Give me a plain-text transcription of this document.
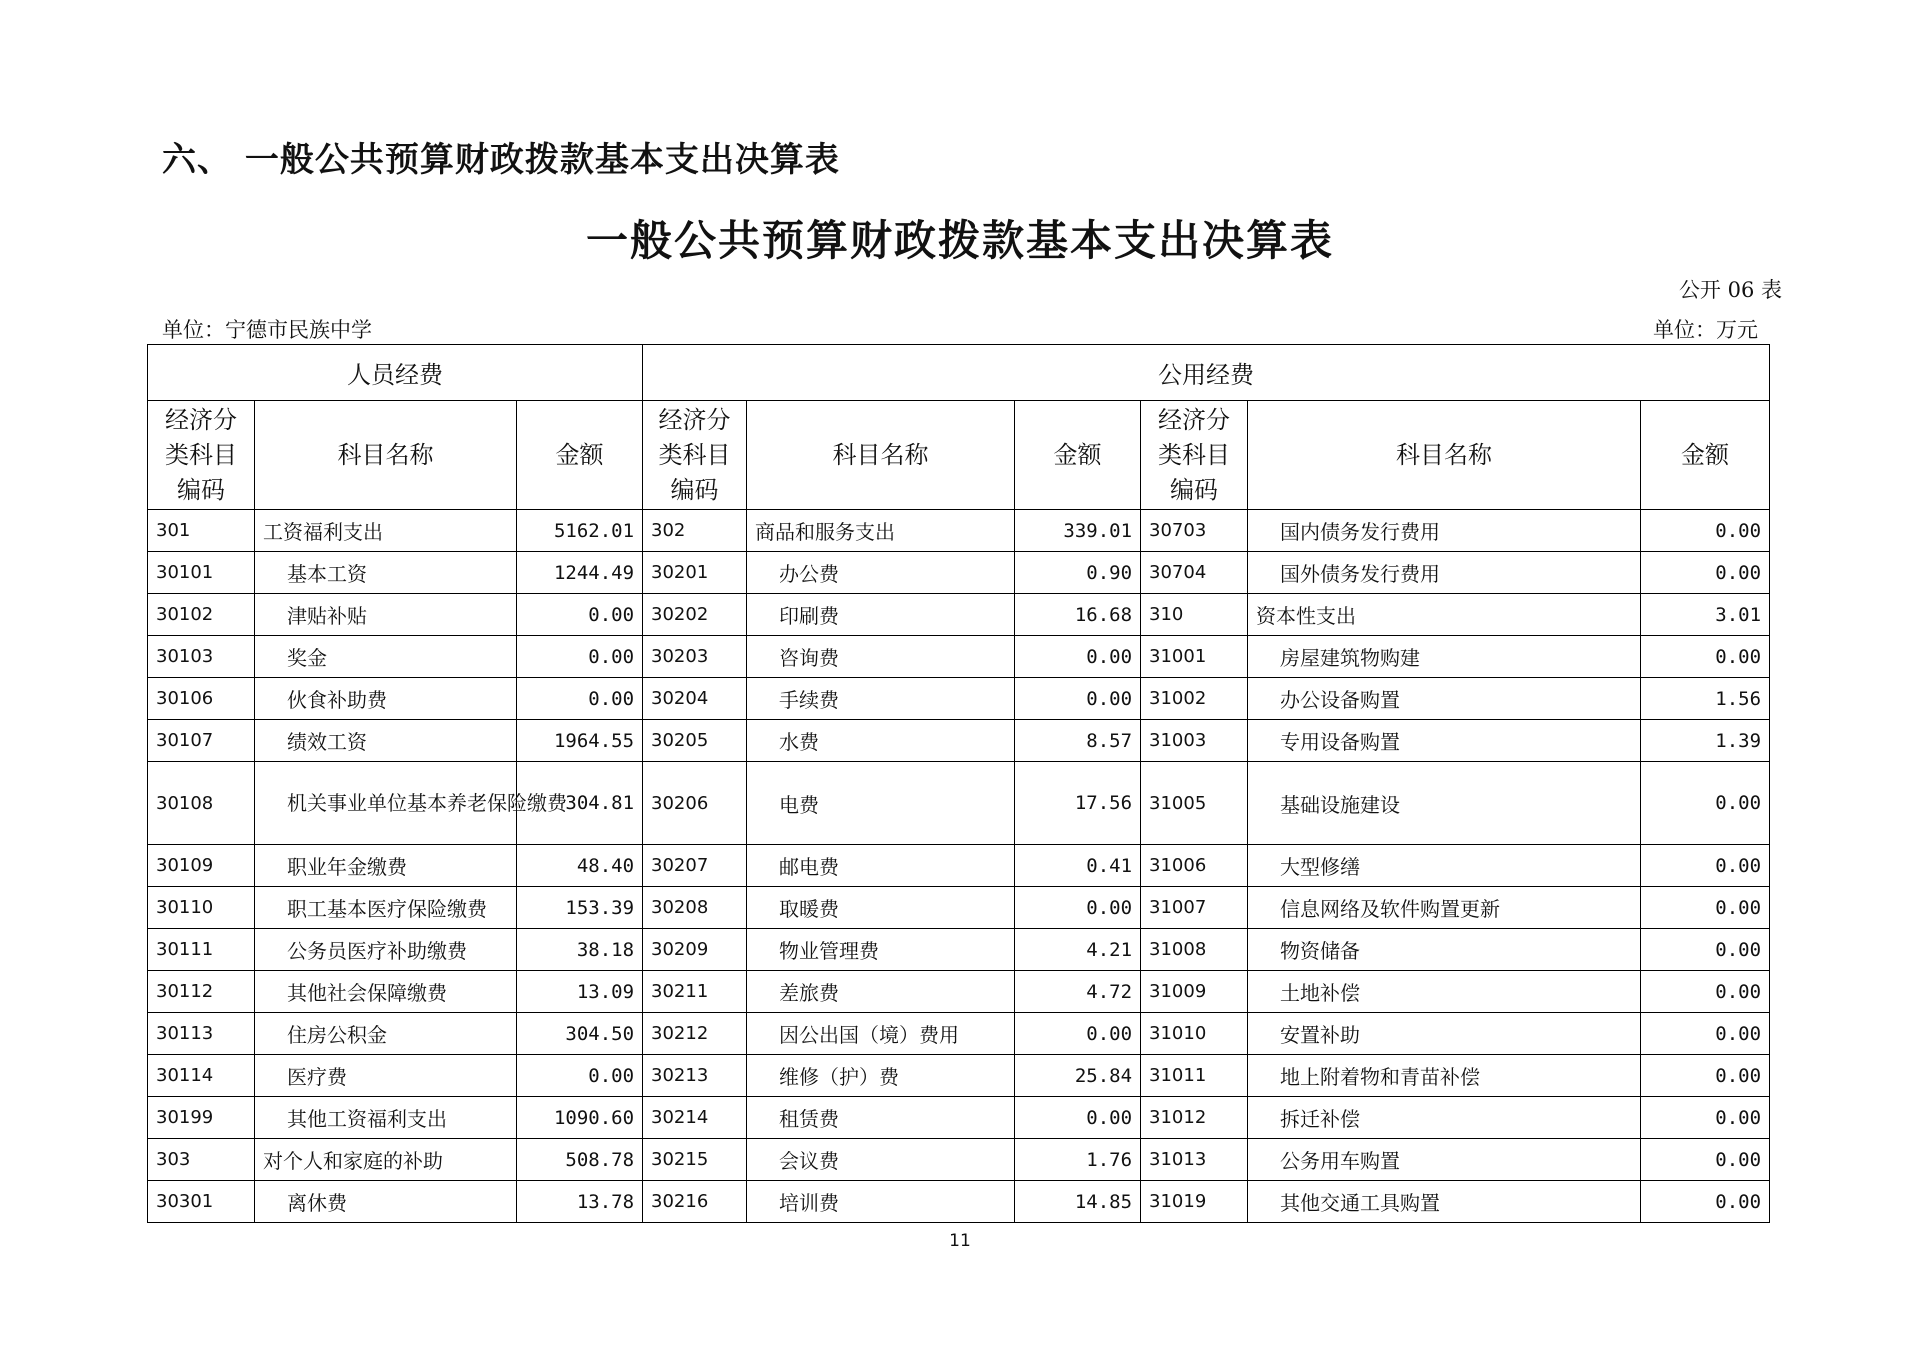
六、 一般公共预算财政拨款基本支出决算表
一般公共预算财政拨款基本支出决算表
公开 06 表
单位：宁德市民族中学	单位：万元
人员经费			公用经费					
经济分类科目编码	科目名称	金额	经济分类科目编码	科目名称	金额	经济分类科目编码	科目名称	金额
301	工资福利支出	5162.01	302	商品和服务支出	339.01	30703	国内债务发行费用	0.00
30101	基本工资	1244.49	30201	办公费	0.90	30704	国外债务发行费用	0.00
30102	津贴补贴	0.00	30202	印刷费	16.68	310	资本性支出	3.01
30103	奖金	0.00	30203	咨询费	0.00	31001	房屋建筑物购建	0.00
30106	伙食补助费	0.00	30204	手续费	0.00	31002	办公设备购置	1.56
30107	绩效工资	1964.55	30205	水费	8.57	31003	专用设备购置	1.39
30108	机关事业单位基本养老保险缴费	304.81	30206	电费	17.56	31005	基础设施建设	0.00
30109	职业年金缴费	48.40	30207	邮电费	0.41	31006	大型修缮	0.00
30110	职工基本医疗保险缴费	153.39	30208	取暖费	0.00	31007	信息网络及软件购置更新	0.00
30111	公务员医疗补助缴费	38.18	30209	物业管理费	4.21	31008	物资储备	0.00
30112	其他社会保障缴费	13.09	30211	差旅费	4.72	31009	土地补偿	0.00
30113	住房公积金	304.50	30212	因公出国（境）费用	0.00	31010	安置补助	0.00
30114	医疗费	0.00	30213	维修（护）费	25.84	31011	地上附着物和青苗补偿	0.00
30199	其他工资福利支出	1090.60	30214	租赁费	0.00	31012	拆迁补偿	0.00
303	对个人和家庭的补助	508.78	30215	会议费	1.76	31013	公务用车购置	0.00
30301	离休费	13.78	30216	培训费	14.85	31019	其他交通工具购置	0.00
11
